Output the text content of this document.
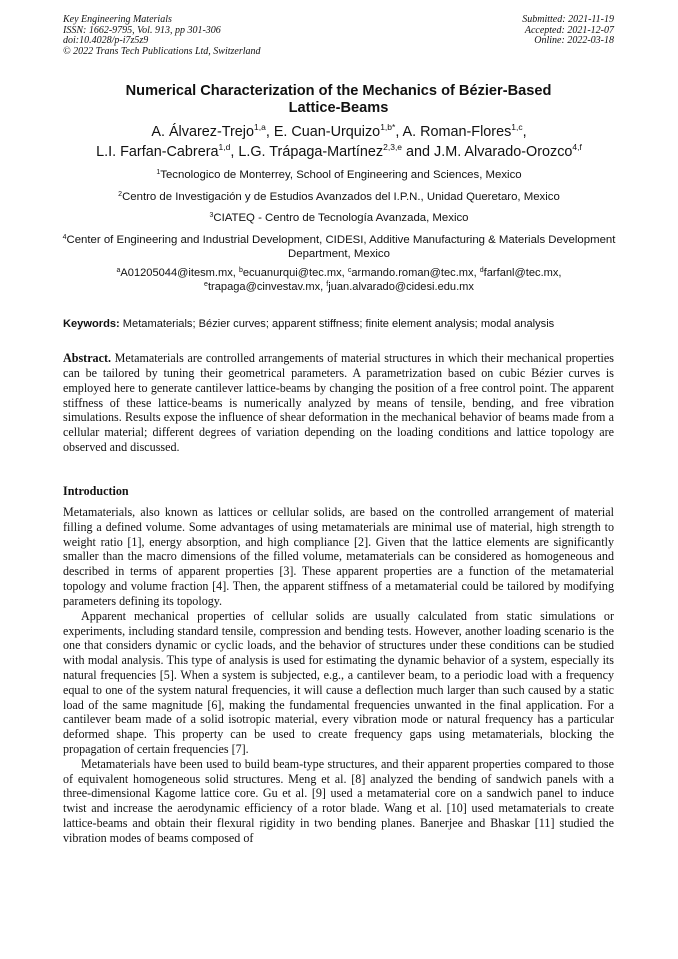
Key Engineering Materials
ISSN: 1662-9795, Vol. 913, pp 301-306
doi:10.4028/p-i7z5z9
© 2022 Trans Tech Publications Ltd, Switzerland
Submitted: 2021-11-19
Accepted: 2021-12-07
Online: 2022-03-18
Numerical Characterization of the Mechanics of Bézier-Based
Lattice-Beams
A. Álvarez-Trejo$^{1,a}$, E. Cuan-Urquizo$^{1,b*}$, A. Roman-Flores$^{1,c}$,
L.I. Farfan-Cabrera$^{1,d}$, L.G. Trápaga-Martínez$^{2,3,e}$ and J.M. Alvarado-Orozco$^{4,f}$
$^1$Tecnologico de Monterrey, School of Engineering and Sciences, Mexico
$^2$Centro de Investigación y de Estudios Avanzados del I.P.N., Unidad Queretaro, Mexico
$^3$CIATEQ - Centro de Tecnología Avanzada, Mexico
$^4$Center of Engineering and Industrial Development, CIDESI, Additive Manufacturing & Materials Development Department, Mexico
$^a$A01205044@itesm.mx, $^b$ecuanurqui@tec.mx, $^c$armando.roman@tec.mx, $^d$farfanl@tec.mx,
$^e$trapaga@cinvestav.mx, $^f$juan.alvarado@cidesi.edu.mx
Keywords: Metamaterials; Bézier curves; apparent stiffness; finite element analysis; modal analysis
Abstract. Metamaterials are controlled arrangements of material structures in which their mechanical properties can be tailored by tuning their geometrical parameters. A parametrization based on cubic Bézier curves is employed here to generate cantilever lattice-beams by changing the position of a free control point. The apparent stiffness of these lattice-beams is numerically analyzed by means of tensile, bending, and free vibration simulations. Results expose the influence of shear deformation in the mechanical behavior of beams made from a cellular material; different degrees of variation depending on the loading conditions and lattice topology are observed and discussed.
Introduction

Metamaterials, also known as lattices or cellular solids, are based on the controlled arrangement of material filling a defined volume. Some advantages of using metamaterials are minimal use of material, high strength to weight ratio [1], energy absorption, and high compliance [2]. Given that the lattice elements are significantly smaller than the macro dimensions of the filled volume, metamaterials can be considered as homogeneous and described in terms of apparent properties [3]. These apparent properties are a function of the metamaterial topology and volume fraction [4]. Then, the apparent stiffness of a metamaterial could be tailored by modifying parameters defining its topology.

Apparent mechanical properties of cellular solids are usually calculated from static simulations or experiments, including standard tensile, compression and bending tests. However, another loading scenario is the one that considers dynamic or cyclic loads, and the behavior of structures under these conditions can be studied with modal analysis. This type of analysis is used for estimating the dynamic behavior of a system, especially its natural frequencies [5]. When a system is subjected, e.g., a cantilever beam, to a periodic load with a frequency equal to one of the system natural frequencies, it will cause a deflection much larger than such caused by a static load of the same magnitude [6], making the fundamental frequencies unwanted in the final application. For a cantilever beam made of a solid isotropic material, every vibration mode or natural frequency has a particular deformed shape. This property can be used to create frequency gaps using metamaterials, blocking the propagation of certain frequencies [7].

Metamaterials have been used to build beam-type structures, and their apparent properties compared to those of equivalent homogeneous solid structures. Meng et al. [8] analyzed the bending of sandwich panels with a three-dimensional Kagome lattice core. Gu et al. [9] used a metamaterial core on a sandwich panel to induce twist and increase the aerodynamic efficiency of a rotor blade. Wang et al. [10] used metamaterials to create lattice-beams and obtain their flexural rigidity in two bending planes. Banerjee and Bhaskar [11] studied the vibration modes of beams composed of
